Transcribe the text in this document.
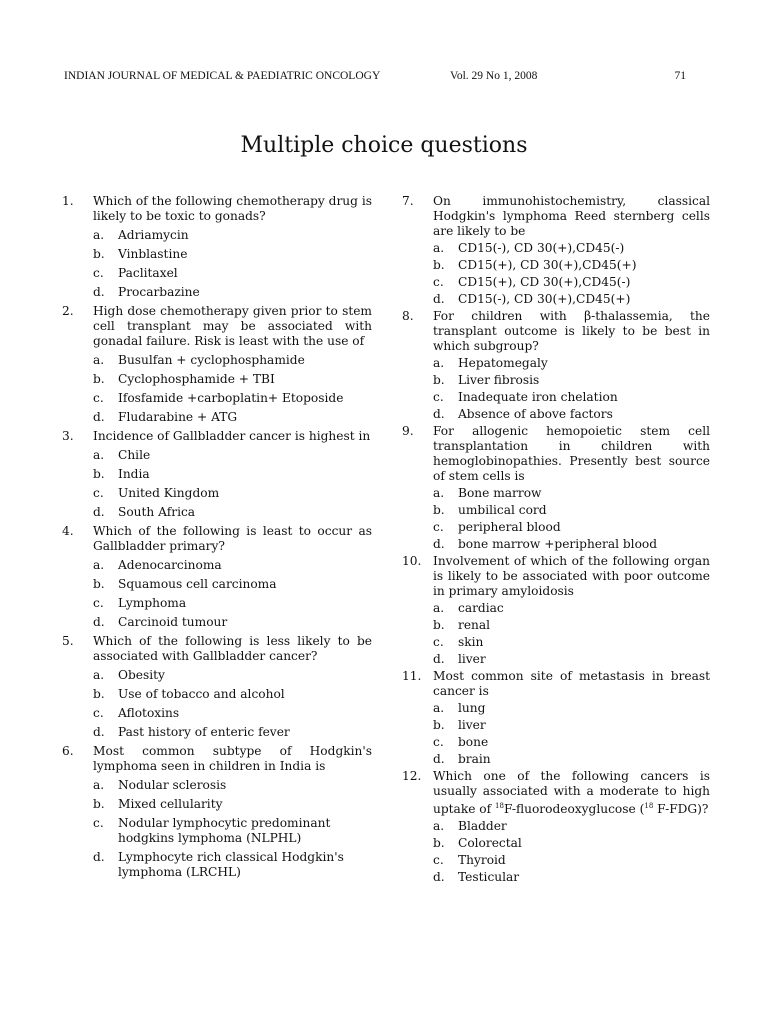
INDIAN JOURNAL OF MEDICAL & PAEDIATRIC ONCOLOGY	Vol. 29 No 1, 2008	71
Multiple choice questions
1. Which of the following chemotherapy drug is likely to be toxic to gonads?
a. Adriamycin
b. Vinblastine
c. Paclitaxel
d. Procarbazine
2. High dose chemotherapy given prior to stem cell transplant may be associated with gonadal failure. Risk is least with the use of
a. Busulfan + cyclophosphamide
b. Cyclophosphamide + TBI
c. Ifosfamide +carboplatin+ Etoposide
d. Fludarabine + ATG
3. Incidence of Gallbladder cancer is highest in
a. Chile
b. India
c. United Kingdom
d. South Africa
4. Which of the following is least to occur as Gallbladder primary?
a. Adenocarcinoma
b. Squamous cell carcinoma
c. Lymphoma
d. Carcinoid tumour
5. Which of the following is less likely to be associated with Gallbladder cancer?
a. Obesity
b. Use of tobacco and alcohol
c. Aflotoxins
d. Past history of enteric fever
6. Most common subtype of Hodgkin's lymphoma seen in children in India is
a. Nodular sclerosis
b. Mixed cellularity
c. Nodular lymphocytic predominant hodgkins lymphoma (NLPHL)
d. Lymphocyte rich classical Hodgkin's lymphoma (LRCHL)
7. On immunohistochemistry, classical Hodgkin's lymphoma Reed sternberg cells are likely to be
a. CD15(-), CD 30(+),CD45(-)
b. CD15(+), CD 30(+),CD45(+)
c. CD15(+), CD 30(+),CD45(-)
d. CD15(-), CD 30(+),CD45(+)
8. For children with β-thalassemia, the transplant outcome is likely to be best in which subgroup?
a. Hepatomegaly
b. Liver fibrosis
c. Inadequate iron chelation
d. Absence of above factors
9. For allogenic hemopoietic stem cell transplantation in children with hemoglobinopathies. Presently best source of stem cells is
a. Bone marrow
b. umbilical cord
c. peripheral blood
d. bone marrow +peripheral blood
10. Involvement of which of the following organ is likely to be associated with poor outcome in primary amyloidosis
a. cardiac
b. renal
c. skin
d. liver
11. Most common site of metastasis in breast cancer is
a. lung
b. liver
c. bone
d. brain
12. Which one of the following cancers is usually associated with a moderate to high uptake of $^{18}$F-fluorodeoxyglucose ($^{18}$ F-FDG)?
a. Bladder
b. Colorectal
c. Thyroid
d. Testicular
